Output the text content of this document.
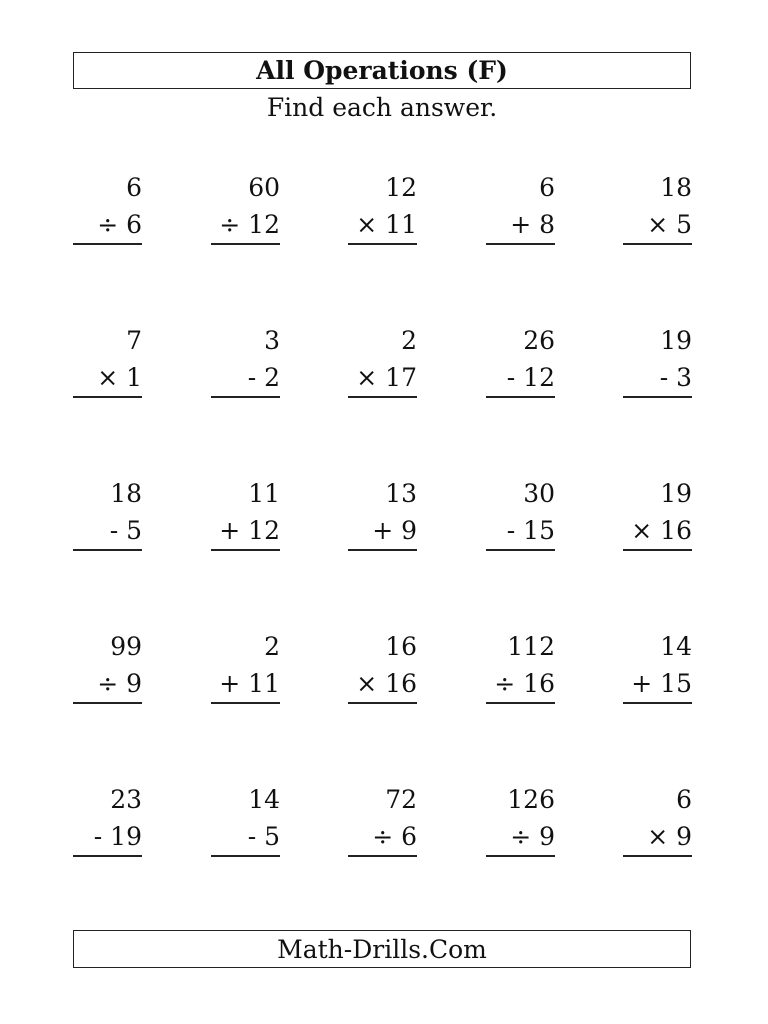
All Operations (F)
Find each answer.
6
÷ 6
60
÷ 12
12
× 11
6
+ 8
18
× 5
7
× 1
3
- 2
2
× 17
26
- 12
19
- 3
18
- 5
11
+ 12
13
+ 9
30
- 15
19
× 16
99
÷ 9
2
+ 11
16
× 16
112
÷ 16
14
+ 15
23
- 19
14
- 5
72
÷ 6
126
÷ 9
6
× 9
Math-Drills.Com
